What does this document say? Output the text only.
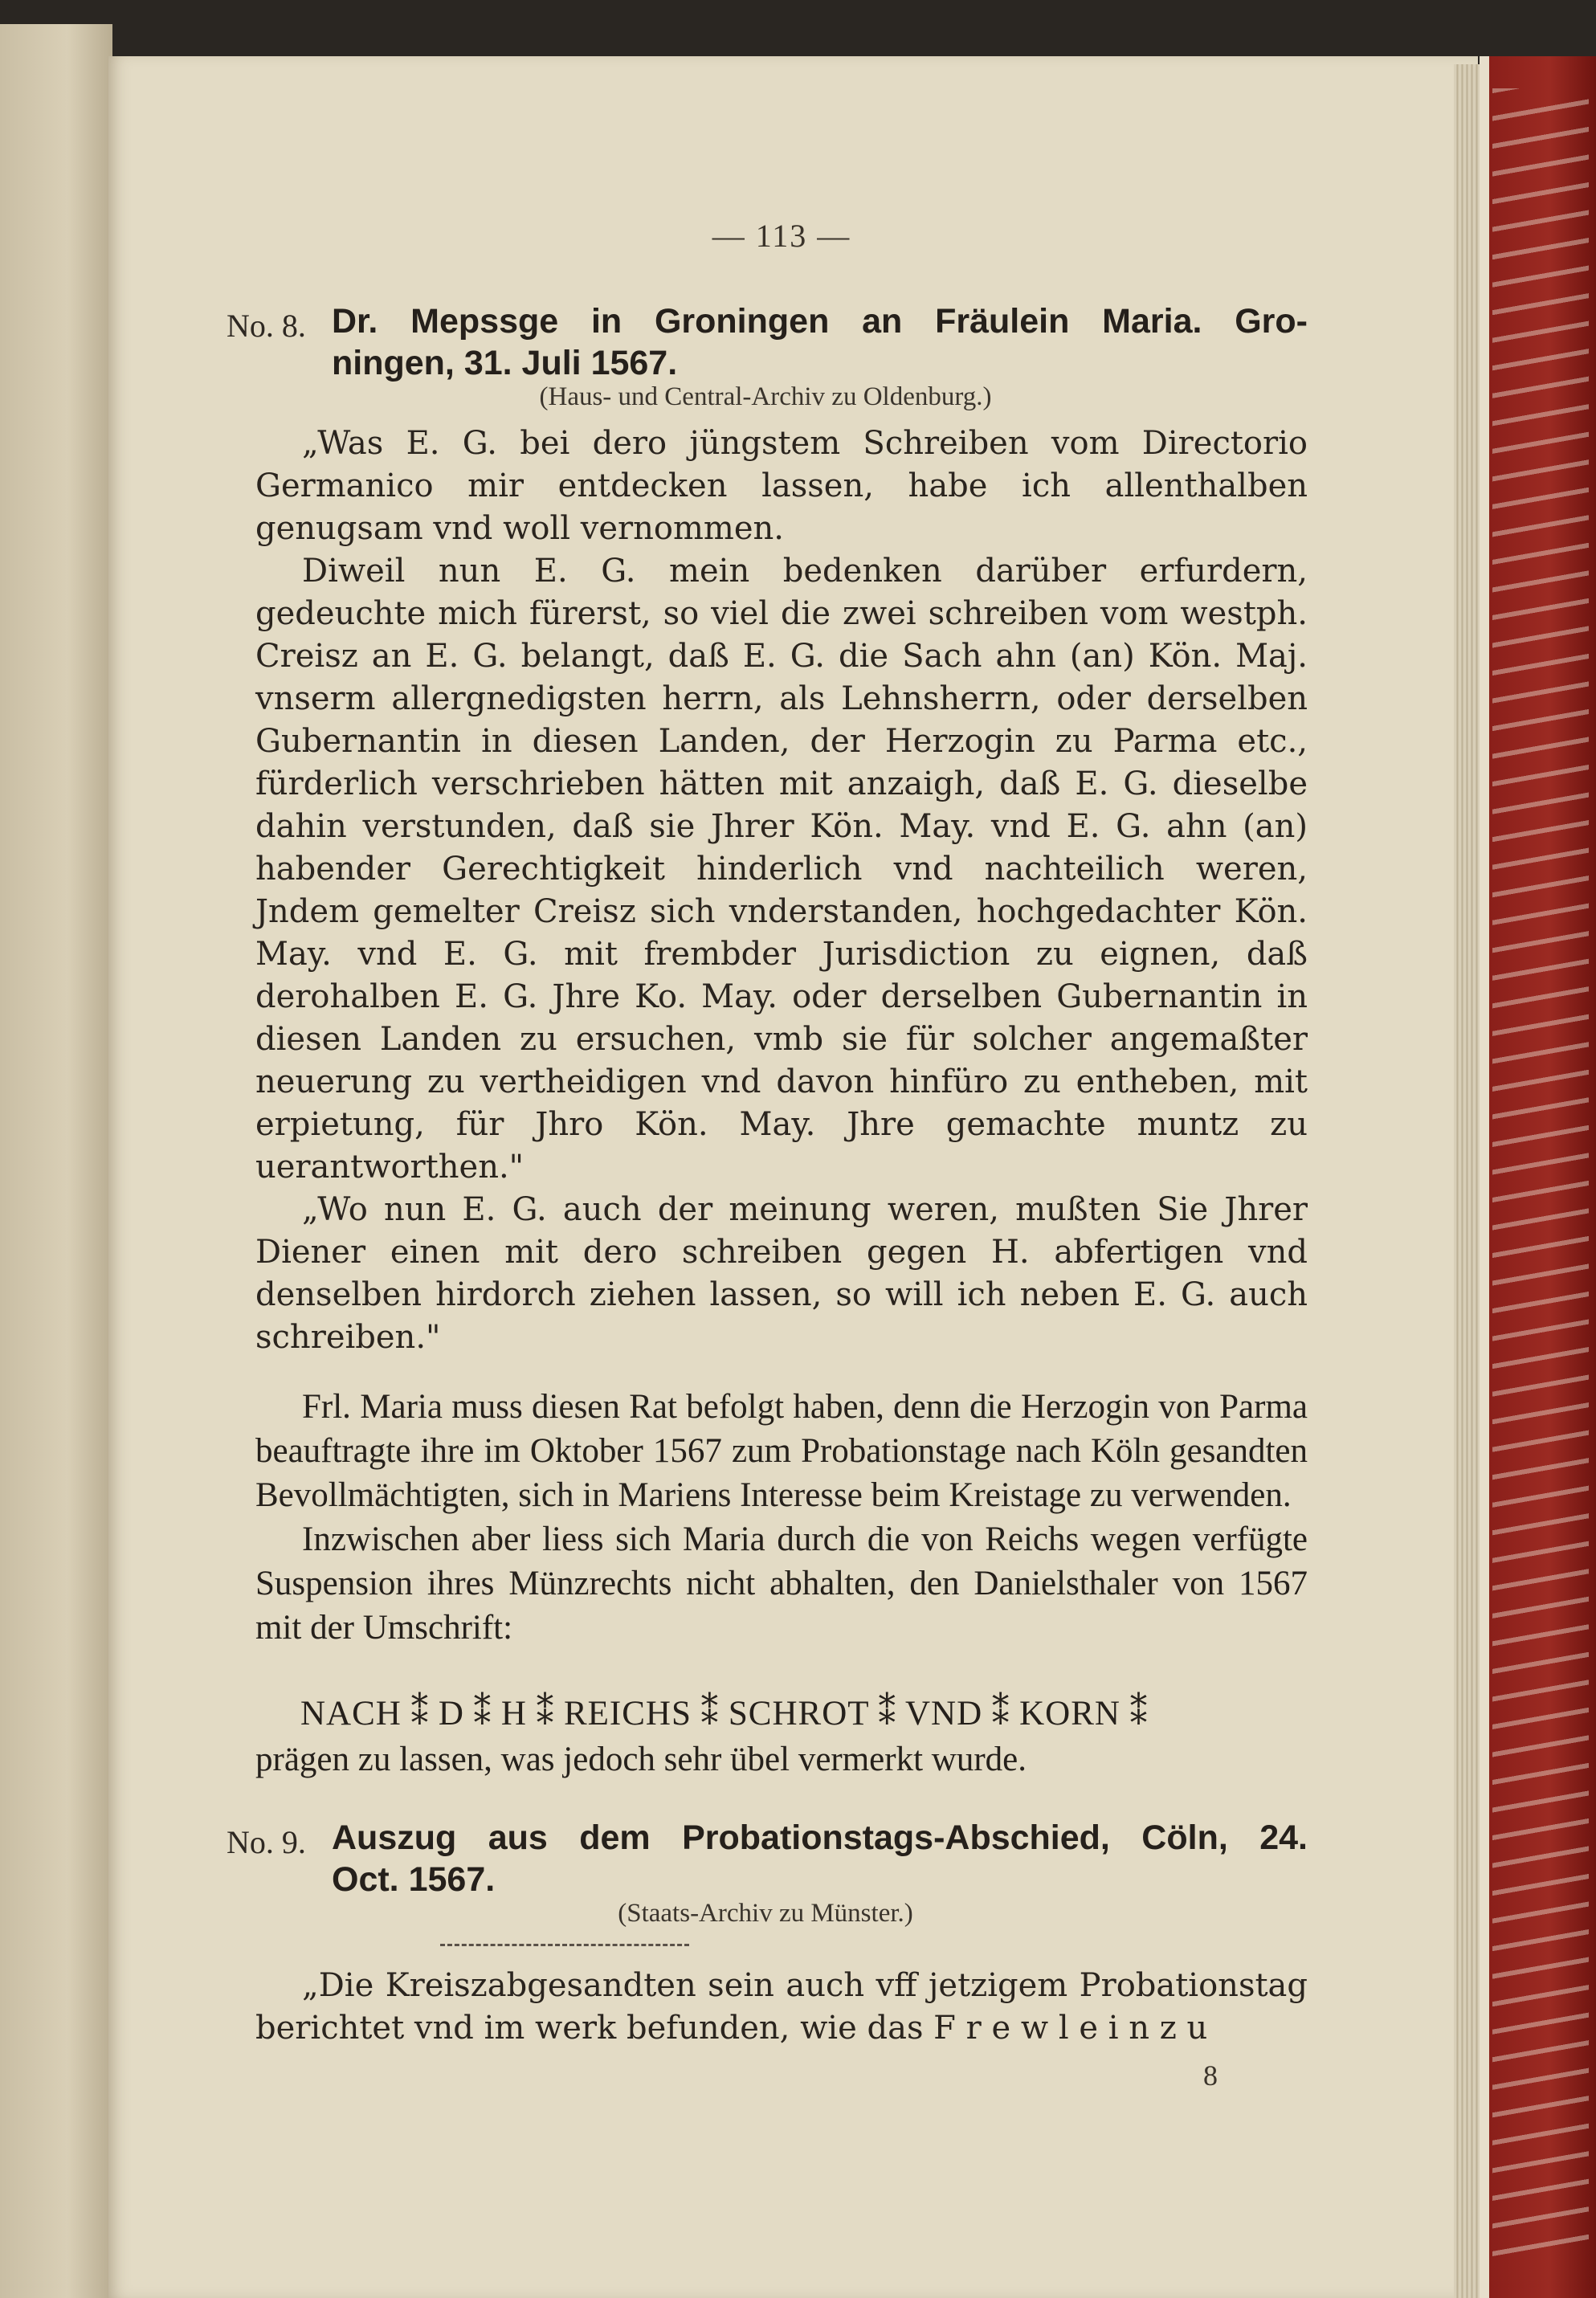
— 113 —
No. 8. Dr. Mepssge in Groningen an Fräulein Maria. Gro-
ningen, 31. Juli 1567.
(Haus- und Central-Archiv zu Oldenburg.)

„Was E. G. bei dero jüngstem Schreiben vom Directorio Germanico mir entdecken lassen, habe ich allenthalben genugsam vnd woll vernommen.

Diweil nun E. G. mein bedenken darüber erfurdern, gedeuchte mich fürerst, so viel die zwei schreiben vom westph. Creisz an E. G. belangt, daß E. G. die Sach ahn (an) Kön. Maj. vnserm allergnedigsten herrn, als Lehnsherrn, oder derselben Gubernantin in diesen Landen, der Herzogin zu Parma etc., fürderlich verschrieben hätten mit anzaigh, daß E. G. dieselbe dahin verstunden, daß sie Jhrer Kön. May. vnd E. G. ahn (an) habender Gerechtigkeit hinderlich vnd nachteilich weren, Jndem gemelter Creisz sich vnderstanden, hochgedachter Kön. May. vnd E. G. mit frembder Jurisdiction zu eignen, daß derohalben E. G. Jhre Ko. May. oder derselben Gubernantin in diesen Landen zu ersuchen, vmb sie für solcher angemaßter neuerung zu vertheidigen vnd davon hinfüro zu entheben, mit erpietung, für Jhro Kön. May. Jhre gemachte muntz zu uerantworthen."

„Wo nun E. G. auch der meinung weren, mußten Sie Jhrer Diener einen mit dero schreiben gegen H. abfertigen vnd denselben hirdorch ziehen lassen, so will ich neben E. G. auch schreiben."

Frl. Maria muss diesen Rat befolgt haben, denn die Herzogin von Parma beauftragte ihre im Oktober 1567 zum Probationstage nach Köln gesandten Bevollmächtigten, sich in Mariens Interesse beim Kreistage zu verwenden.

Inzwischen aber liess sich Maria durch die von Reichs wegen verfügte Suspension ihres Münzrechts nicht abhalten, den Danielsthaler von 1567 mit der Umschrift:

NACH ⁑ D ⁑ H ⁑ REICHS ⁑ SCHROT ⁑ VND ⁑ KORN ⁑

prägen zu lassen, was jedoch sehr übel vermerkt wurde.

No. 9. Auszug aus dem Probationstags-Abschied, Cöln, 24.
Oct. 1567.
(Staats-Archiv zu Münster.)

„Die Kreiszabgesandten sein auch vff jetzigem Probationstag berichtet vnd im werk befunden, wie das F r e w l e i n z u

8
